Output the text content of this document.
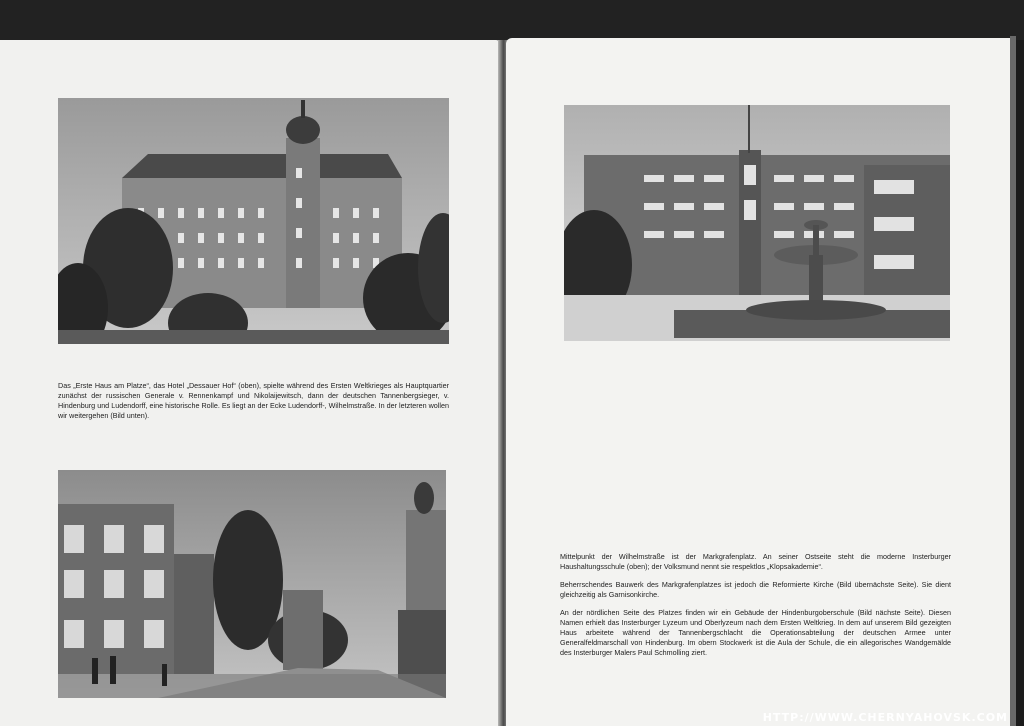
Das „Erste Haus am Platze“, das Hotel „Dessauer Hof“ (oben), spielte während des Ersten Weltkrieges als Hauptquartier zunächst der russischen Generale v. Rennenkampf und Nikolaijewitsch, dann der deutschen Tannenbergsieger, v. Hindenburg und Ludendorff, eine historische Rolle. Es liegt an der Ecke Ludendorff-, Wilhelmstraße. In der letzteren wollen wir weitergehen (Bild unten).

Mittelpunkt der Wilhelmstraße ist der Markgrafenplatz. An seiner Ostseite steht die moderne Insterburger Haushaltungsschule (oben); der Volksmund nennt sie respektlos „Klopsakademie“.

Beherrschendes Bauwerk des Markgrafenplatzes ist jedoch die Reformierte Kirche (Bild übernächste Seite). Sie dient gleichzeitig als Garnisonkirche.

An der nördlichen Seite des Platzes finden wir ein Gebäude der Hindenburgoberschule (Bild nächste Seite). Diesen Namen erhielt das Insterburger Lyzeum und Oberlyzeum nach dem Ersten Weltkrieg. In dem auf unserem Bild gezeigten Haus arbeitete während der Tannenbergschlacht die Operationsabteilung der deutschen Armee unter Generalfeldmarschall von Hindenburg. Im obern Stockwerk ist die Aula der Schule, die ein allegorisches Wandgemälde des Insterburger Malers Paul Schmolling ziert.

HTTP://WWW.CHERNYAHOVSK.COM
